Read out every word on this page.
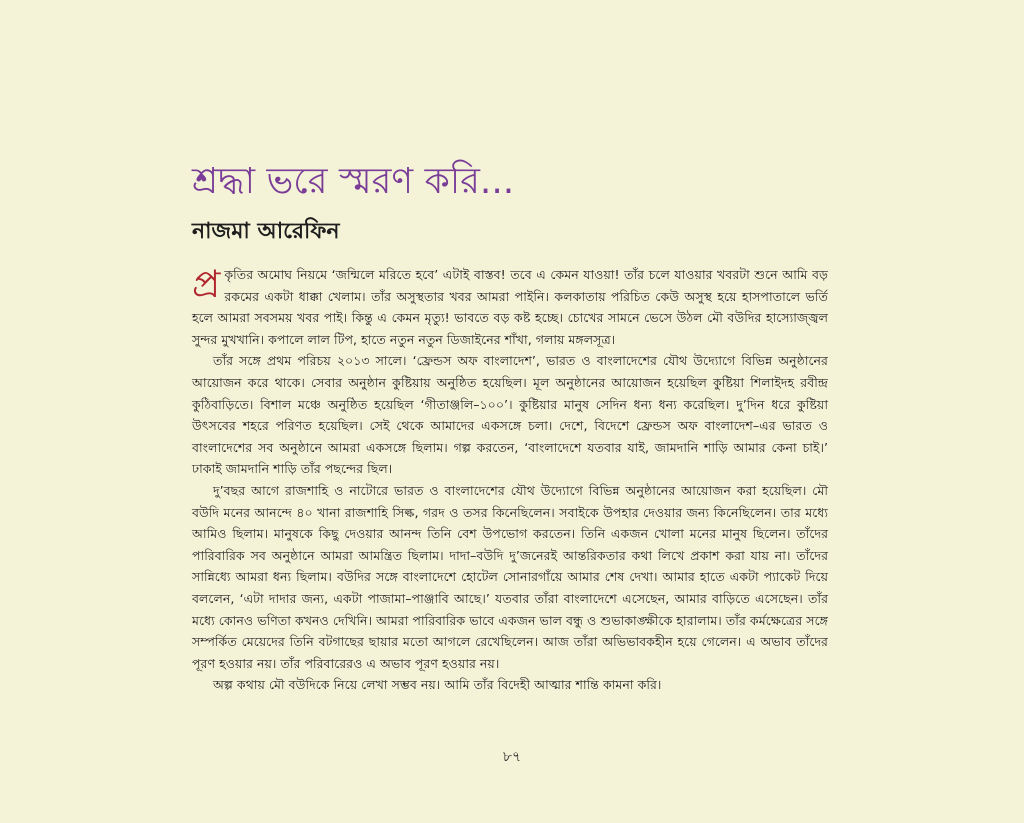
শ্রদ্ধা ভরে স্মরণ করি...
নাজমা আরেফিন

প্র কৃতির অমোঘ নিয়মে ‘জন্মিলে মরিতে হবে’ এটাই বাস্তব! তবে এ কেমন যাওয়া! তাঁর চলে যাওয়ার খবরটা শুনে আমি বড় রকমের একটা ধাক্কা খেলাম। তাঁর অসুস্থতার খবর আমরা পাইনি। কলকাতায় পরিচিত কেউ অসুস্থ হয়ে হাসপাতালে ভর্তি হলে আমরা সবসময় খবর পাই। কিন্তু এ কেমন মৃত্যু! ভাবতে বড় কষ্ট হচ্ছে। চোখের সামনে ভেসে উঠল মৌ বউদির হাস্যোজ্জ্বল সুন্দর মুখখানি। কপালে লাল টিপ, হাতে নতুন নতুন ডিজাইনের শাঁখা, গলায় মঙ্গলসূত্র।

তাঁর সঙ্গে প্রথম পরিচয় ২০১৩ সালে। ‘ফ্রেন্ডস অফ বাংলাদেশ’, ভারত ও বাংলাদেশের যৌথ উদ্যোগে বিভিন্ন অনুষ্ঠানের আয়োজন করে থাকে। সেবার অনুষ্ঠান কুষ্টিয়ায় অনুষ্ঠিত হয়েছিল। মূল অনুষ্ঠানের আয়োজন হয়েছিল কুষ্টিয়া শিলাইদহ রবীন্দ্র কুঠিবাড়িতে। বিশাল মঞ্চে অনুষ্ঠিত হয়েছিল ‘গীতাঞ্জলি–১০০’। কুষ্টিয়ার মানুষ সেদিন ধন্য ধন্য করেছিল। দু’দিন ধরে কুষ্টিয়া উৎসবের শহরে পরিণত হয়েছিল। সেই থেকে আমাদের একসঙ্গে চলা। দেশে, বিদেশে ফ্রেন্ডস অফ বাংলাদেশ–এর ভারত ও বাংলাদেশের সব অনুষ্ঠানে আমরা একসঙ্গে ছিলাম। গল্প করতেন, ‘বাংলাদেশে যতবার যাই, জামদানি শাড়ি আমার কেনা চাই।’ ঢাকাই জামদানি শাড়ি তাঁর পছন্দের ছিল।

দু’বছর আগে রাজশাহি ও নাটোরে ভারত ও বাংলাদেশের যৌথ উদ্যোগে বিভিন্ন অনুষ্ঠানের আয়োজন করা হয়েছিল। মৌ বউদি মনের আনন্দে ৪০ খানা রাজশাহি সিল্ক, গরদ ও তসর কিনেছিলেন। সবাইকে উপহার দেওয়ার জন্য কিনেছিলেন। তার মধ্যে আমিও ছিলাম। মানুষকে কিছু দেওয়ার আনন্দ তিনি বেশ উপভোগ করতেন। তিনি একজন খোলা মনের মানুষ ছিলেন। তাঁদের পারিবারিক সব অনুষ্ঠানে আমরা আমন্ত্রিত ছিলাম। দাদা–বউদি দু’জনেরই আন্তরিকতার কথা লিখে প্রকাশ করা যায় না। তাঁদের সান্নিধ্যে আমরা ধন্য ছিলাম। বউদির সঙ্গে বাংলাদেশে হোটেল সোনারগাঁয়ে আমার শেষ দেখা। আমার হাতে একটা প্যাকেট দিয়ে বললেন, ‘এটা দাদার জন্য, একটা পাজামা–পাঞ্জাবি আছে।’ যতবার তাঁরা বাংলাদেশে এসেছেন, আমার বাড়িতে এসেছেন। তাঁর মধ্যে কোনও ভণিতা কখনও দেখিনি। আমরা পারিবারিক ভাবে একজন ভাল বন্ধু ও শুভাকাঙ্ক্ষীকে হারালাম। তাঁর কর্মক্ষেত্রের সঙ্গে সম্পর্কিত মেয়েদের তিনি বটগাছের ছায়ার মতো আগলে রেখেছিলেন। আজ তাঁরা অভিভাবকহীন হয়ে গেলেন। এ অভাব তাঁদের পূরণ হওয়ার নয়। তাঁর পরিবারেরও এ অভাব পূরণ হওয়ার নয়।

অল্প কথায় মৌ বউদিকে নিয়ে লেখা সম্ভব নয়। আমি তাঁর বিদেহী আত্মার শান্তি কামনা করি।

৮৭
